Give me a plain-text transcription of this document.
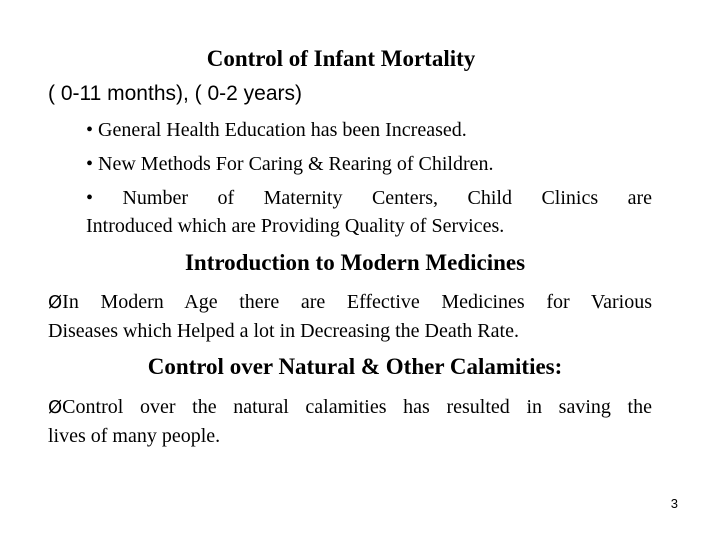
Control of Infant Mortality
( 0-11 months), ( 0-2 years)
• General Health Education has been Increased.
• New Methods For Caring & Rearing of Children.
• Number of Maternity Centers, Child Clinics are
Introduced which are Providing Quality of Services.
Introduction to Modern Medicines
ØIn Modern Age there are Effective Medicines for Various
Diseases which Helped a lot in Decreasing the Death Rate.
Control over Natural & Other Calamities:
ØControl over the natural calamities has resulted in saving the
lives of many people.
3
